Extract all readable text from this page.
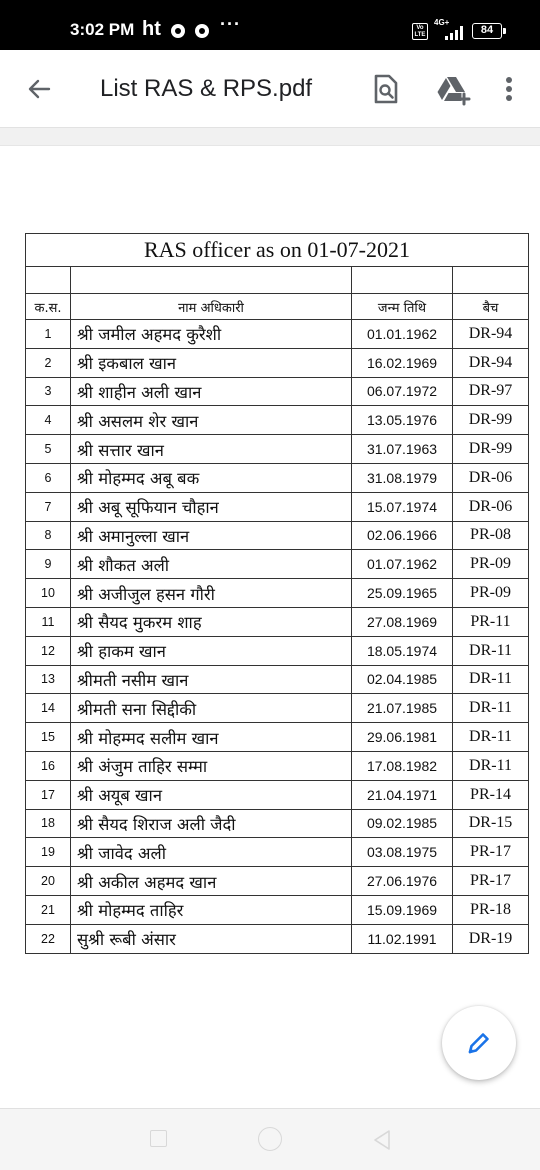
3:02 PM ht	···	Vo LTE
4G+
84
List RAS & RPS.pdf
RAS officer as on 01-07-2021			

क.स.	नाम अधिकारी	जन्म तिथि	बैच
1	श्री जमील अहमद कुरैशी	01.01.1962	DR-94
2	श्री इकबाल खान	16.02.1969	DR-94
3	श्री शाहीन अली खान	06.07.1972	DR-97
4	श्री असलम शेर खान	13.05.1976	DR-99
5	श्री सत्तार खान	31.07.1963	DR-99
6	श्री मोहम्मद अबू बक	31.08.1979	DR-06
7	श्री अबू सूफियान चौहान	15.07.1974	DR-06
8	श्री अमानुल्ला खान	02.06.1966	PR-08
9	श्री शौकत अली	01.07.1962	PR-09
10	श्री अजीजुल हसन गौरी	25.09.1965	PR-09
11	श्री सैयद मुकरम शाह	27.08.1969	PR-11
12	श्री हाकम खान	18.05.1974	DR-11
13	श्रीमती नसीम खान	02.04.1985	DR-11
14	श्रीमती सना सिद्दीकी	21.07.1985	DR-11
15	श्री मोहम्मद सलीम खान	29.06.1981	DR-11
16	श्री अंजुम ताहिर सम्मा	17.08.1982	DR-11
17	श्री अयूब खान	21.04.1971	PR-14
18	श्री सैयद शिराज अली जैदी	09.02.1985	DR-15
19	श्री जावेद अली	03.08.1975	PR-17
20	श्री अकील अहमद खान	27.06.1976	PR-17
21	श्री मोहम्मद ताहिर	15.09.1969	PR-18
22	सुश्री रूबी अंसार	11.02.1991	DR-19
